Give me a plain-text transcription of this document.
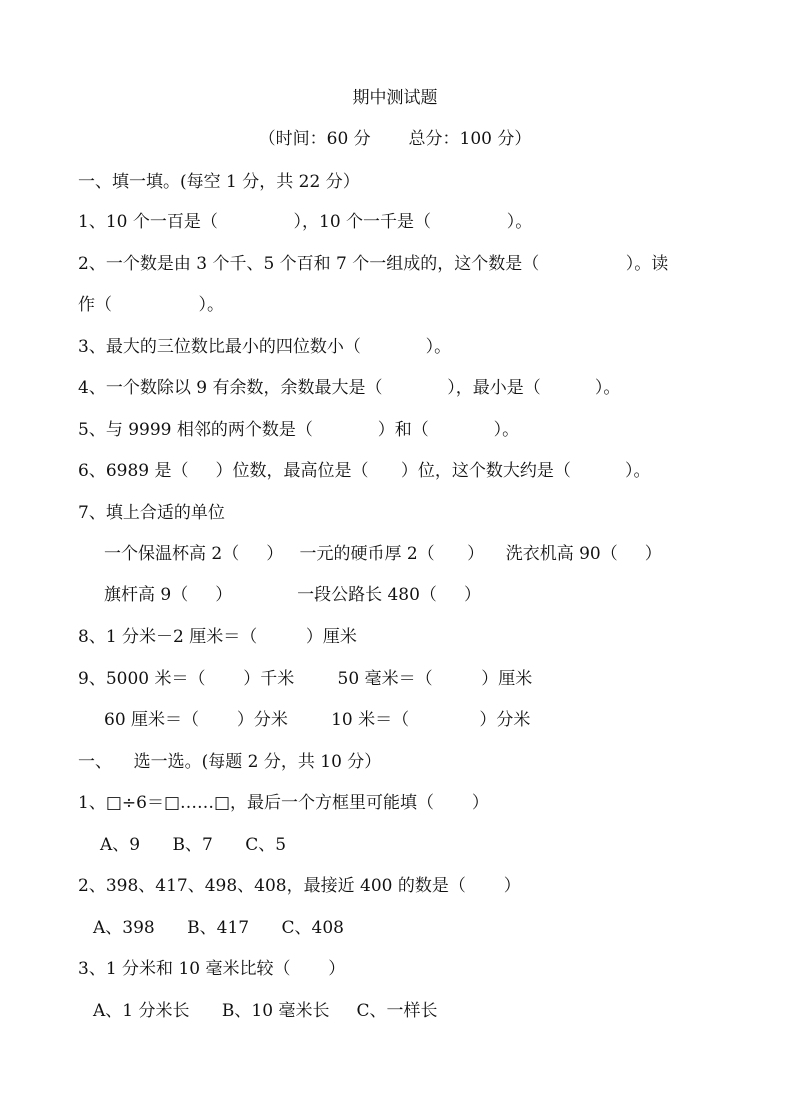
期中测试题
（时间：60 分       总分：100 分）
一、填一填。(每空 1 分，共 22 分）
1、10 个一百是（              ），10 个一千是（              ）。
2、一个数是由 3 个千、5 个百和 7 个一组成的，这个数是（                ）。读
作（                ）。
3、最大的三位数比最小的四位数小（            ）。
4、一个数除以 9 有余数，余数最大是（            ），最小是（          ）。
5、与 9999 相邻的两个数是（            ）和（            ）。
6、6989 是（     ）位数，最高位是（      ）位，这个数大约是（          ）。
7、填上合适的单位
一个保温杯高 2（     ）   一元的硬币厚 2（      ）    洗衣机高 90（     ）
旗杆高 9（     ）            一段公路长 480（     ）
8、1 分米－2 厘米＝（         ）厘米
9、5000 米＝（       ）千米        50 毫米＝（         ）厘米
60 厘米＝（       ）分米        10 米＝（             ）分米
一、    选一选。(每题 2 分，共 10 分）
1、□÷6＝□……□，最后一个方框里可能填（       ）
A、9      B、7      C、5
2、398、417、498、408，最接近 400 的数是（       ）
A、398      B、417      C、408
3、1 分米和 10 毫米比较（       ）
A、1 分米长      B、10 毫米长     C、一样长
